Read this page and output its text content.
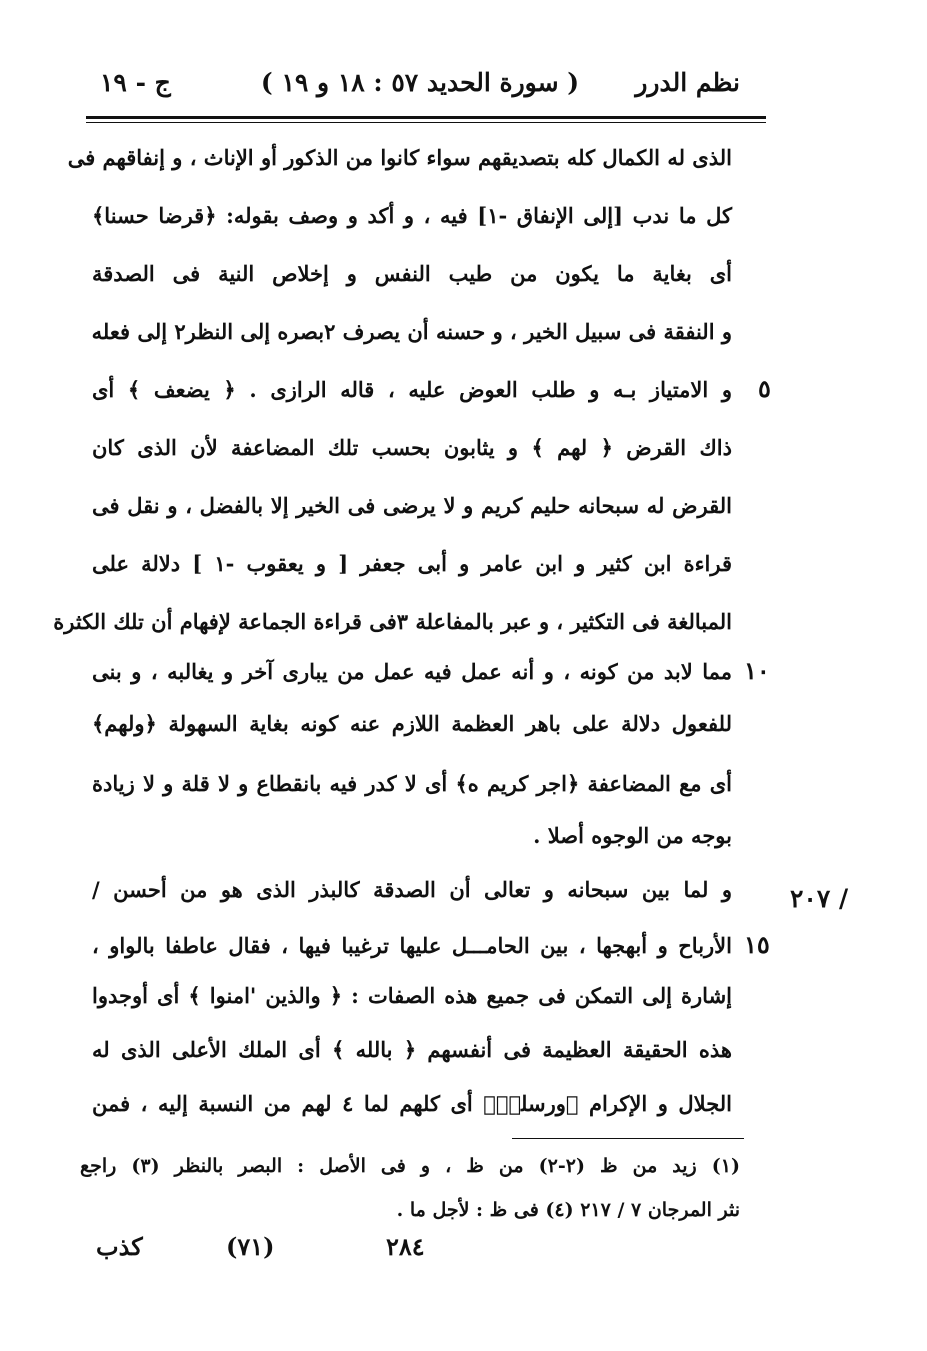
ج - ١٩	( سورة الحديد ٥٧ : ١٨ و ١٩ ) نظم الدرر
الذى له الكمال كله بتصديقهم سواء كانوا من الذكور أو الإناث ، و إنفاقهم فى
كل ما ندب [إلى الإنفاق -١] فيه ، و أكد و وصف بقوله: ﴿قرضا حسنا﴾
أى بغاية ما يكون من طيب النفس و إخلاص النية فى الصدقة
و النفقة فى سبيل الخير ، و حسنه أن يصرف ٢بصره إلى النظر٢ إلى فعله
و الامتياز بـه و طلب العوض عليه ، قاله الرازى . ﴿ يضعف ﴾ أى
ذاك القرض ﴿ لهم ﴾ و يثابون بحسب تلك المضاعفة لأن الذى كان
القرض له سبحانه حليم كريم و لا يرضى فى الخير إلا بالفضل ، و نقل فى
قراءة ابن كثير و ابن عامر و أبى جعفر [ و يعقوب -١ ] دلالة على
المبالغة فى التكثير ، و عبر بالمفاعلة ٣فى قراءة الجماعة لإفهام أن تلك الكثرة
مما لابد من كونه ، و أنه عمل فيه عمل من يبارى آخر و يغالبه ، و بنى
للفعول دلالة على باهر العظمة اللازم عنه كونه بغاية السهولة ﴿ولهم﴾
أى مع المضاعفة ﴿اجر كريم ه﴾ أى لا كدر فيه بانقطاع و لا قلة و لا زيادة
بوجه من الوجوه أصلا .
و لما بين سبحانه و تعالى أن الصدقة كالبذر الذى هو من أحسن /
الأرباح و أبهجها ، بين الحامـــل عليها ترغيبا فيها ، فقال عاطفا بالواو ،
إشارة إلى التمكن فى جميع هذه الصفات : ﴿ والذين 'امنوا ﴾ أى أوجدوا
هذه الحقيقة العظيمة فى أنفسهم ﴿ بالله ﴾ أى الملك الأعلى الذى له
الجلال و الإكرام ﴿ورسلهٖ﴾ أى كلهم لما ٤ لهم من النسبة إليه ، فمن
٥
١٠
١٥
٢٠٧ /
(١) زيد من ظ (٢-٢) من ظ ، و فى الأصل : البصر بالنظر (٣) راجع
نثر المرجان ٧ / ٢١٧ (٤) فى ظ : لأجل ما .
كذب	(٧١)	٢٨٤
